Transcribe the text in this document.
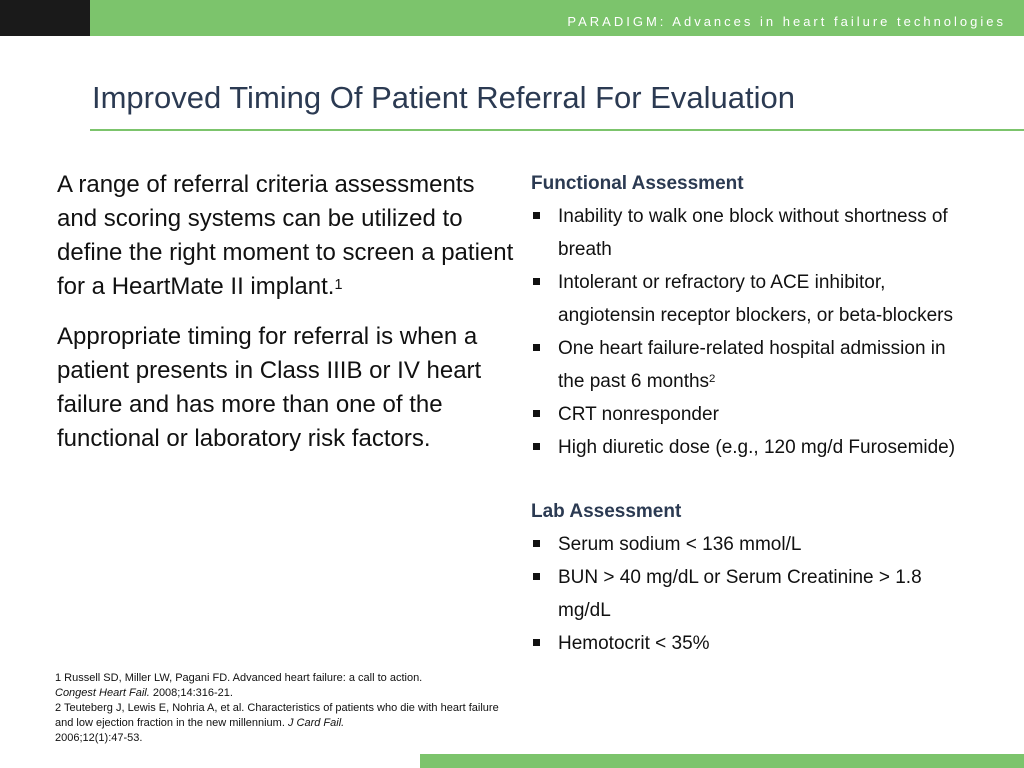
PARADIGM: Advances in heart failure technologies
Improved Timing Of Patient Referral For Evaluation

A range of referral criteria assessments and scoring systems can be utilized to define the right moment to screen a patient for a HeartMate II implant.$^1$

Appropriate timing for referral is when a patient presents in Class IIIB or IV heart failure and has more than one of the functional or laboratory risk factors.

1 Russell SD, Miller LW, Pagani FD. Advanced heart failure: a call to action.
Congest Heart Fail. 2008;14:316-21.
2 Teuteberg J, Lewis E, Nohria A, et al. Characteristics of patients who die with heart failure and low ejection fraction in the new millennium. J Card Fail.
2006;12(1):47-53.
Functional Assessment
Inability to walk one block without shortness of breath
Intolerant or refractory to ACE inhibitor, angiotensin receptor blockers, or beta-blockers
One heart failure-related hospital admission in the past 6 months$^2$
CRT nonresponder
High diuretic dose (e.g., 120 mg/d Furosemide)
Lab Assessment
Serum sodium < 136 mmol/L
BUN > 40 mg/dL or Serum Creatinine > 1.8 mg/dL
Hemotocrit < 35%
